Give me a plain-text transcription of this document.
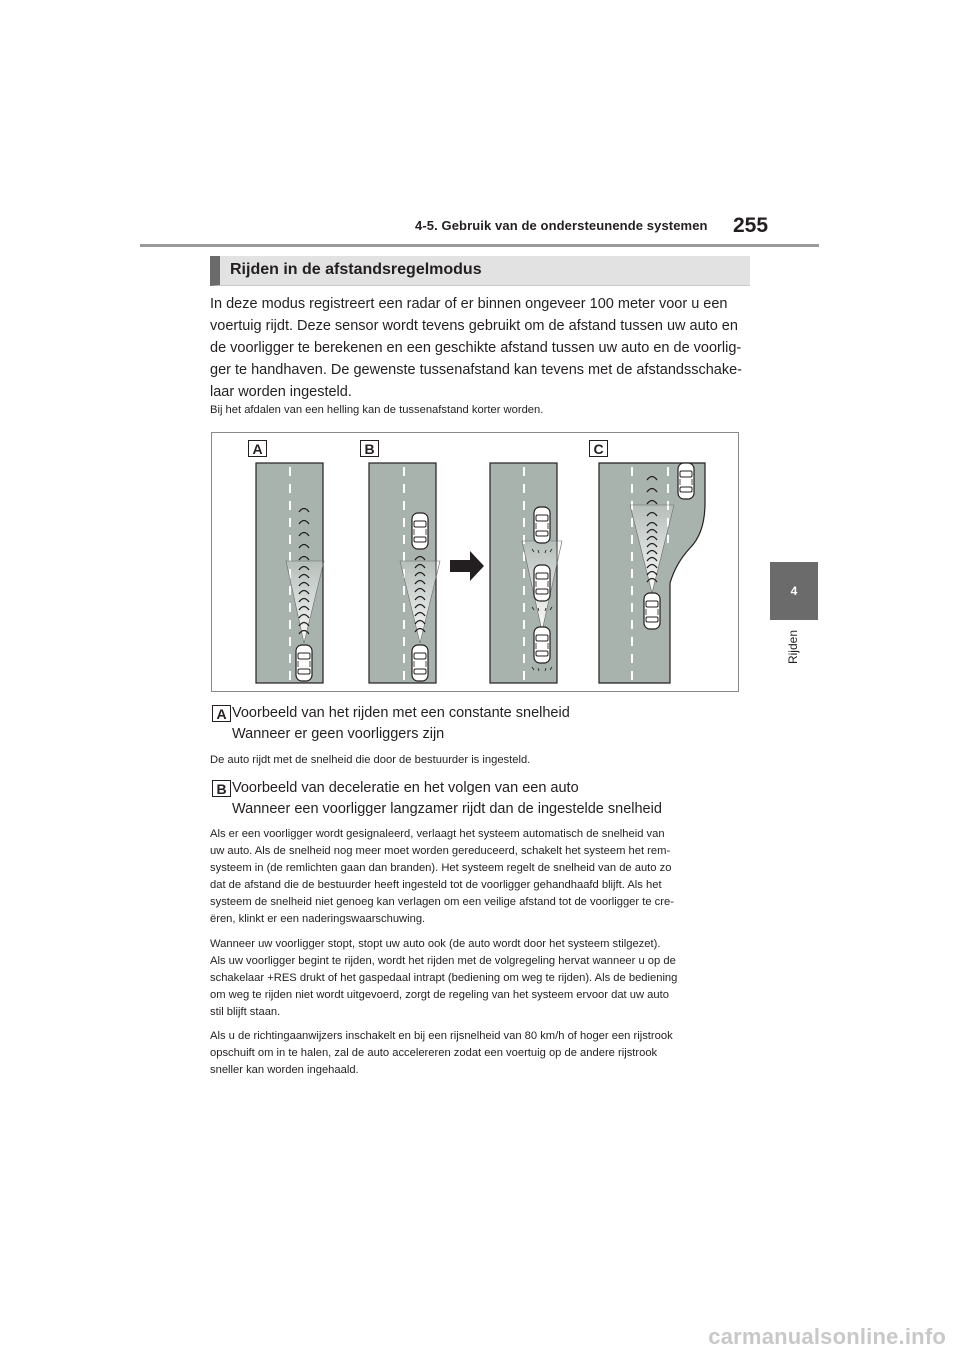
4-5. Gebruik van de ondersteunende systemen 255
4
Rijden
Rijden in de afstandsregelmodus
In deze modus registreert een radar of er binnen ongeveer 100 meter voor u een
voertuig rijdt. Deze sensor wordt tevens gebruikt om de afstand tussen uw auto en
de voorligger te berekenen en een geschikte afstand tussen uw auto en de voorlig-
ger te handhaven. De gewenste tussenafstand kan tevens met de afstandsschake-
laar worden ingesteld.
Bij het afdalen van een helling kan de tussenafstand korter worden.
A	B	C
A Voorbeeld van het rijden met een constante snelheid
Wanneer er geen voorliggers zijn
De auto rijdt met de snelheid die door de bestuurder is ingesteld.
B Voorbeeld van deceleratie en het volgen van een auto
Wanneer een voorligger langzamer rijdt dan de ingestelde snelheid
Als er een voorligger wordt gesignaleerd, verlaagt het systeem automatisch de snelheid van
uw auto. Als de snelheid nog meer moet worden gereduceerd, schakelt het systeem het rem-
systeem in (de remlichten gaan dan branden). Het systeem regelt de snelheid van de auto zo
dat de afstand die de bestuurder heeft ingesteld tot de voorligger gehandhaafd blijft. Als het
systeem de snelheid niet genoeg kan verlagen om een veilige afstand tot de voorligger te cre-
ëren, klinkt er een naderingswaarschuwing.
Wanneer uw voorligger stopt, stopt uw auto ook (de auto wordt door het systeem stilgezet).
Als uw voorligger begint te rijden, wordt het rijden met de volgregeling hervat wanneer u op de
schakelaar +RES drukt of het gaspedaal intrapt (bediening om weg te rijden). Als de bediening
om weg te rijden niet wordt uitgevoerd, zorgt de regeling van het systeem ervoor dat uw auto
stil blijft staan.
Als u de richtingaanwijzers inschakelt en bij een rijsnelheid van 80 km/h of hoger een rijstrook
opschuift om in te halen, zal de auto accelereren zodat een voertuig op de andere rijstrook
sneller kan worden ingehaald.
carmanualsonline.info
